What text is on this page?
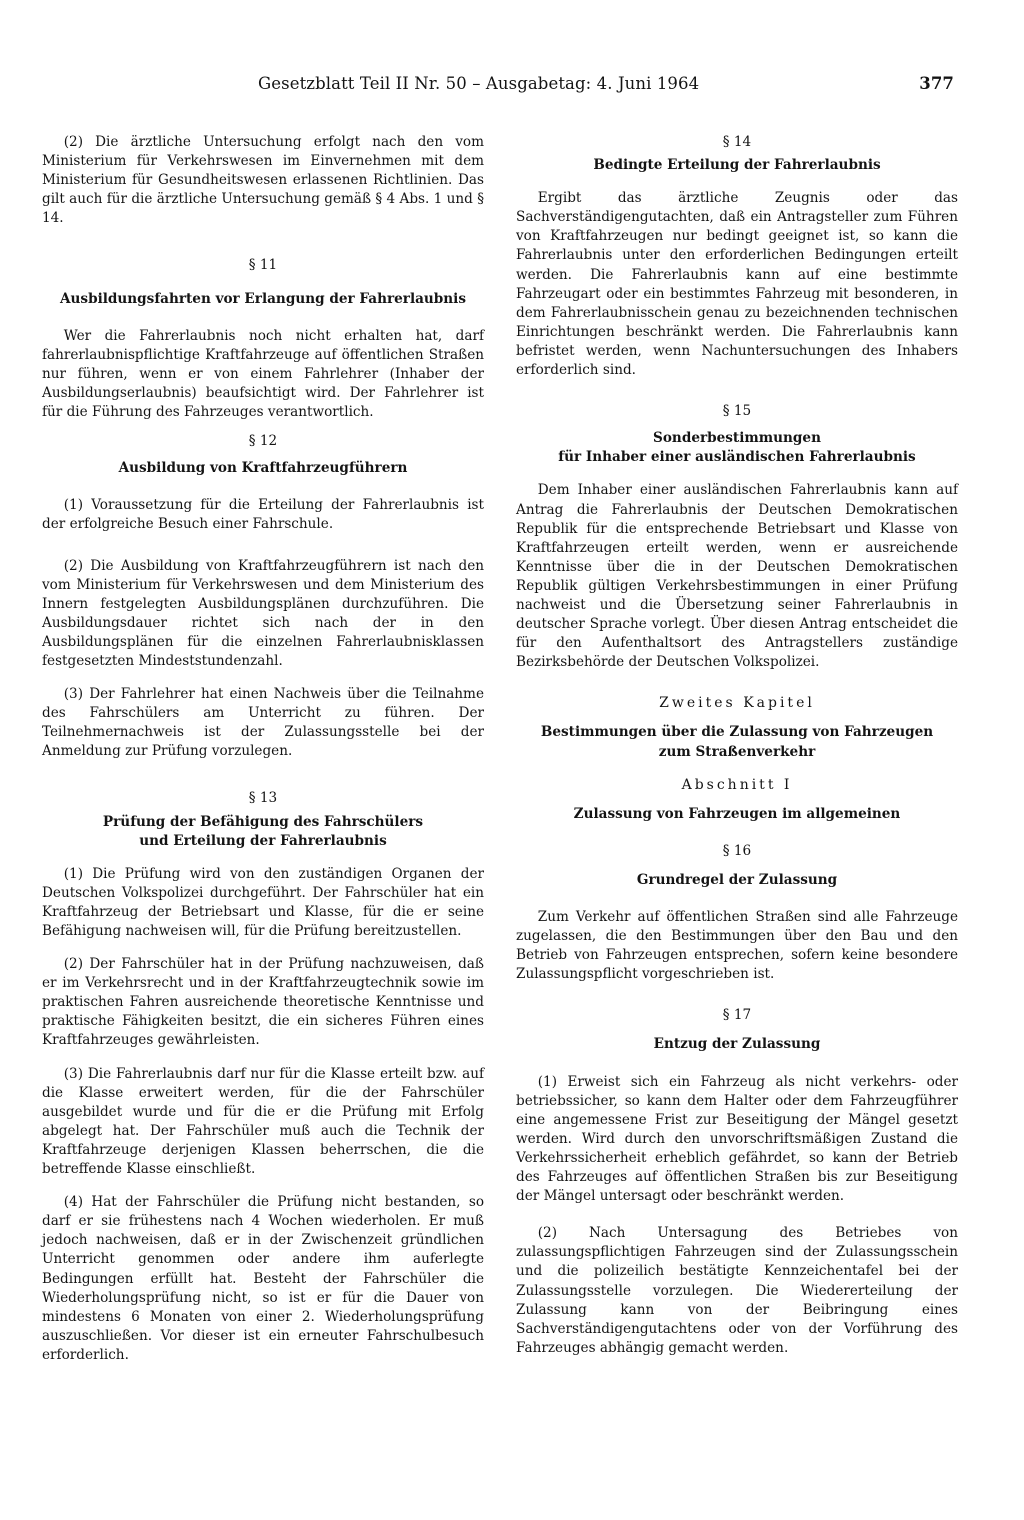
Gesetzblatt Teil II Nr. 50 – Ausgabetag: 4. Juni 1964	377

(2) Die ärztliche Untersuchung erfolgt nach den vom Ministerium für Verkehrswesen im Einvernehmen mit dem Ministerium für Gesundheitswesen erlassenen Richtlinien. Das gilt auch für die ärztliche Untersuchung gemäß § 4 Abs. 1 und § 14.

§ 11
Ausbildungsfahrten vor Erlangung der Fahrerlaubnis

Wer die Fahrerlaubnis noch nicht erhalten hat, darf fahrerlaubnispflichtige Kraftfahrzeuge auf öffentlichen Straßen nur führen, wenn er von einem Fahrlehrer (Inhaber der Ausbildungserlaubnis) beaufsichtigt wird. Der Fahrlehrer ist für die Führung des Fahrzeuges verantwortlich.

§ 12
Ausbildung von Kraftfahrzeugführern

(1) Voraussetzung für die Erteilung der Fahrerlaubnis ist der erfolgreiche Besuch einer Fahrschule.

(2) Die Ausbildung von Kraftfahrzeugführern ist nach den vom Ministerium für Verkehrswesen und dem Ministerium des Innern festgelegten Ausbildungsplänen durchzuführen. Die Ausbildungsdauer richtet sich nach der in den Ausbildungsplänen für die einzelnen Fahrerlaubnisklassen festgesetzten Mindeststundenzahl.

(3) Der Fahrlehrer hat einen Nachweis über die Teilnahme des Fahrschülers am Unterricht zu führen. Der Teilnehmernachweis ist der Zulassungsstelle bei der Anmeldung zur Prüfung vorzulegen.

§ 13
Prüfung der Befähigung des Fahrschülers
und Erteilung der Fahrerlaubnis

(1) Die Prüfung wird von den zuständigen Organen der Deutschen Volkspolizei durchgeführt. Der Fahrschüler hat ein Kraftfahrzeug der Betriebsart und Klasse, für die er seine Befähigung nachweisen will, für die Prüfung bereitzustellen.

(2) Der Fahrschüler hat in der Prüfung nachzuweisen, daß er im Verkehrsrecht und in der Kraftfahrzeugtechnik sowie im praktischen Fahren ausreichende theoretische Kenntnisse und praktische Fähigkeiten besitzt, die ein sicheres Führen eines Kraftfahrzeuges gewährleisten.

(3) Die Fahrerlaubnis darf nur für die Klasse erteilt bzw. auf die Klasse erweitert werden, für die der Fahrschüler ausgebildet wurde und für die er die Prüfung mit Erfolg abgelegt hat. Der Fahrschüler muß auch die Technik der Kraftfahrzeuge derjenigen Klassen beherrschen, die die betreffende Klasse einschließt.

(4) Hat der Fahrschüler die Prüfung nicht bestanden, so darf er sie frühestens nach 4 Wochen wiederholen. Er muß jedoch nachweisen, daß er in der Zwischenzeit gründlichen Unterricht genommen oder andere ihm auferlegte Bedingungen erfüllt hat. Besteht der Fahrschüler die Wiederholungsprüfung nicht, so ist er für die Dauer von mindestens 6 Monaten von einer 2. Wiederholungsprüfung auszuschließen. Vor dieser ist ein erneuter Fahrschulbesuch erforderlich.

§ 14
Bedingte Erteilung der Fahrerlaubnis

Ergibt das ärztliche Zeugnis oder das Sachverständigengutachten, daß ein Antragsteller zum Führen von Kraftfahrzeugen nur bedingt geeignet ist, so kann die Fahrerlaubnis unter den erforderlichen Bedingungen erteilt werden. Die Fahrerlaubnis kann auf eine bestimmte Fahrzeugart oder ein bestimmtes Fahrzeug mit besonderen, in dem Fahrerlaubnisschein genau zu bezeichnenden technischen Einrichtungen beschränkt werden. Die Fahrerlaubnis kann befristet werden, wenn Nachuntersuchungen des Inhabers erforderlich sind.

§ 15
Sonderbestimmungen
für Inhaber einer ausländischen Fahrerlaubnis

Dem Inhaber einer ausländischen Fahrerlaubnis kann auf Antrag die Fahrerlaubnis der Deutschen Demokratischen Republik für die entsprechende Betriebsart und Klasse von Kraftfahrzeugen erteilt werden, wenn er ausreichende Kenntnisse über die in der Deutschen Demokratischen Republik gültigen Verkehrsbestimmungen in einer Prüfung nachweist und die Übersetzung seiner Fahrerlaubnis in deutscher Sprache vorlegt. Über diesen Antrag entscheidet die für den Aufenthaltsort des Antragstellers zuständige Bezirksbehörde der Deutschen Volkspolizei.

Zweites Kapitel
Bestimmungen über die Zulassung von Fahrzeugen
zum Straßenverkehr
Abschnitt I
Zulassung von Fahrzeugen im allgemeinen
§ 16
Grundregel der Zulassung

Zum Verkehr auf öffentlichen Straßen sind alle Fahrzeuge zugelassen, die den Bestimmungen über den Bau und den Betrieb von Fahrzeugen entsprechen, sofern keine besondere Zulassungspflicht vorgeschrieben ist.

§ 17
Entzug der Zulassung

(1) Erweist sich ein Fahrzeug als nicht verkehrs- oder betriebssicher, so kann dem Halter oder dem Fahrzeugführer eine angemessene Frist zur Beseitigung der Mängel gesetzt werden. Wird durch den unvorschriftsmäßigen Zustand die Verkehrssicherheit erheblich gefährdet, so kann der Betrieb des Fahrzeuges auf öffentlichen Straßen bis zur Beseitigung der Mängel untersagt oder beschränkt werden.

(2) Nach Untersagung des Betriebes von zulassungspflichtigen Fahrzeugen sind der Zulassungsschein und die polizeilich bestätigte Kennzeichentafel bei der Zulassungsstelle vorzulegen. Die Wiedererteilung der Zulassung kann von der Beibringung eines Sachverständigengutachtens oder von der Vorführung des Fahrzeuges abhängig gemacht werden.
